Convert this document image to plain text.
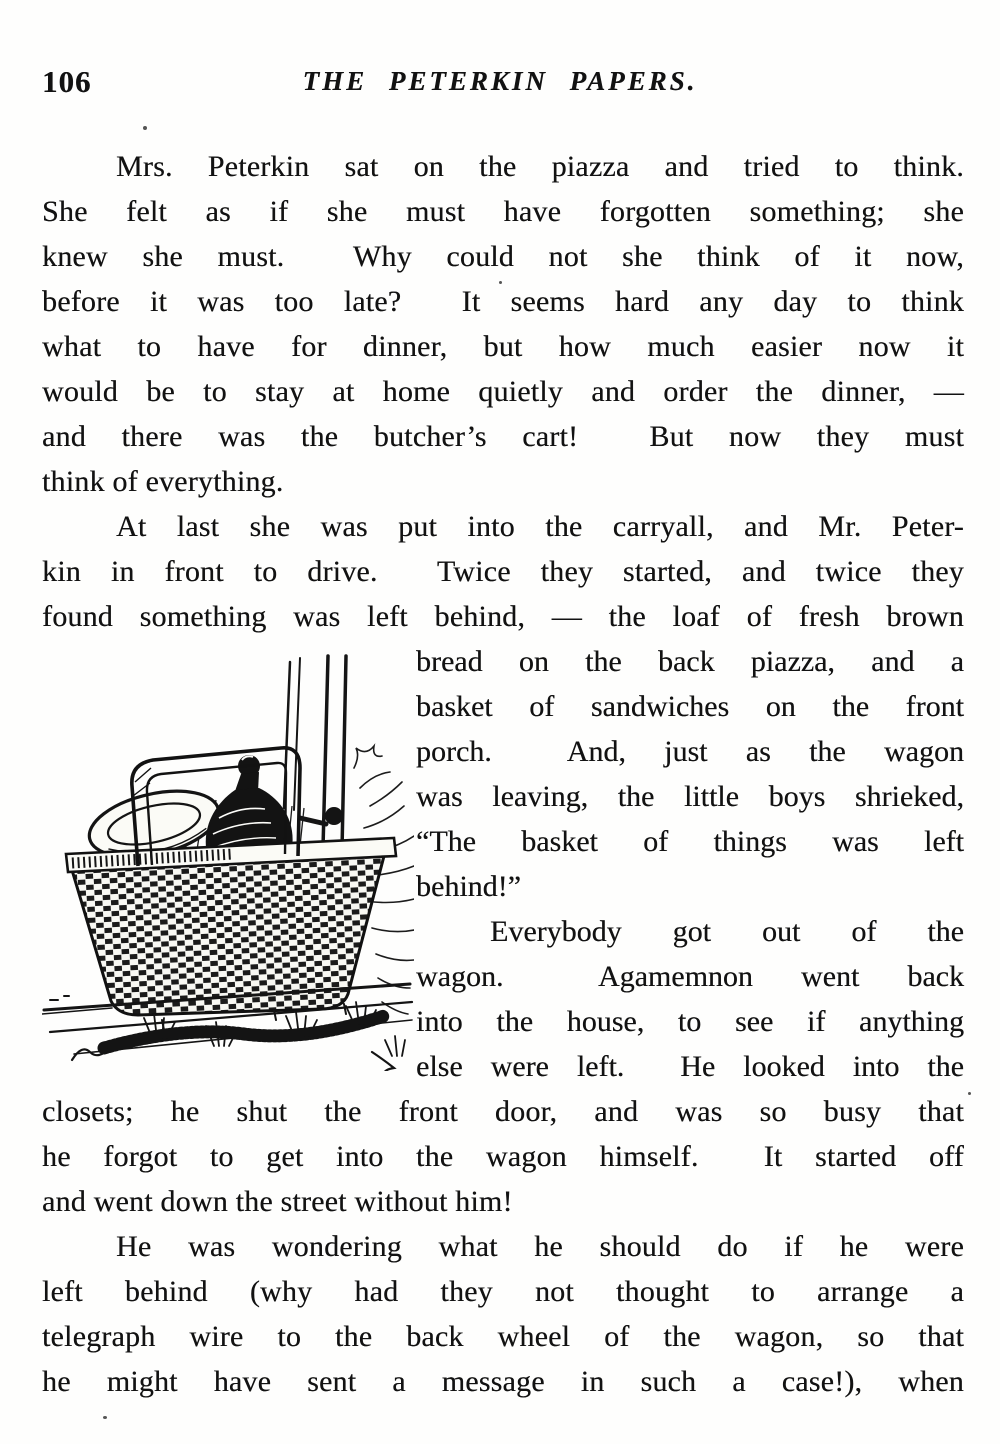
106	THE PETERKIN PAPERS.
Mrs. Peterkin sat on the piazza and tried to think.
She felt as if she must have forgotten something; she
knew she must.  Why could not she think of it now,
before it was too late?  It seems hard any day to think
what to have for dinner, but how much easier now it
would be to stay at home quietly and order the dinner, —
and there was the butcher’s cart!  But now they must
think of everything.
At last she was put into the carryall, and Mr. Peter-
kin in front to drive.  Twice they started, and twice they
found something was left behind, — the loaf of fresh brown
bread on the back piazza, and a
basket of sandwiches on the front
porch.  And, just as the wagon
was leaving, the little boys shrieked,
“The basket of things was left
behind!”
Everybody got out of the
wagon.  Agamemnon went back
into the house, to see if anything
else were left.  He looked into the
closets; he shut the front door, and was so busy that
he forgot to get into the wagon himself.  It started off
and went down the street without him!
He was wondering what he should do if he were
left behind (why had they not thought to arrange a
telegraph wire to the back wheel of the wagon, so that
he might have sent a message in such a case!), when
